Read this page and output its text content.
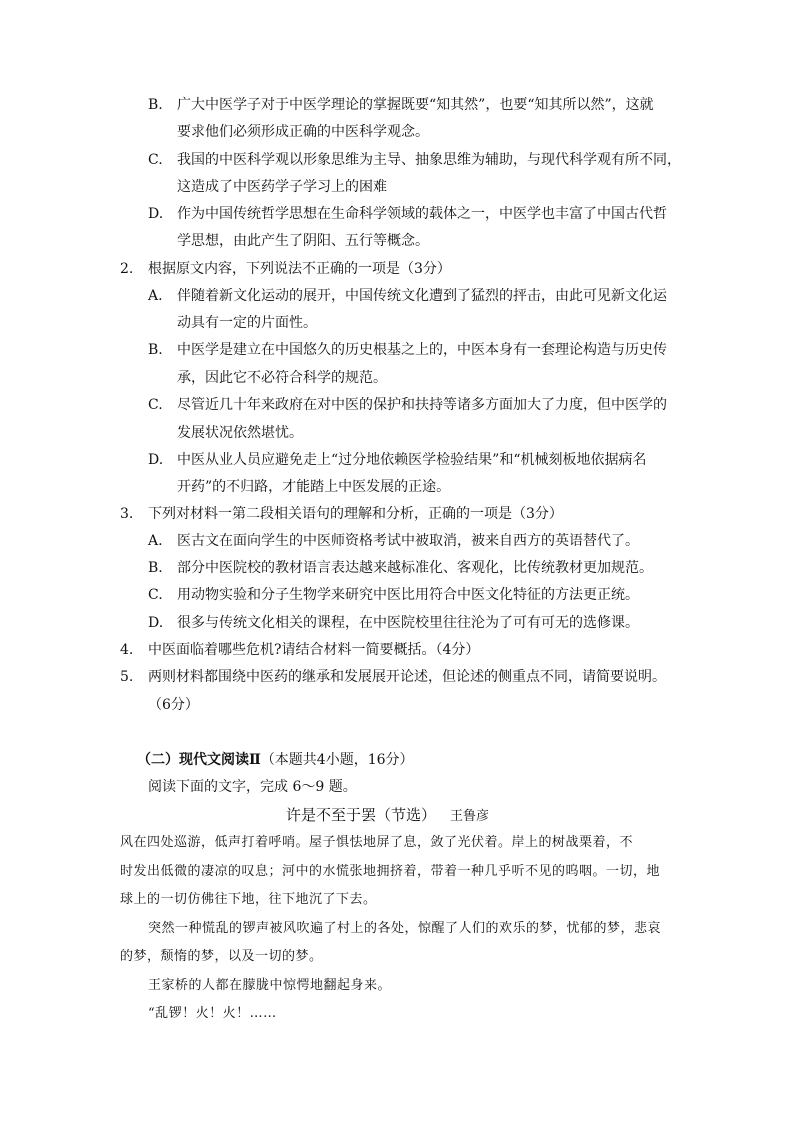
B. 广大中医学子对于中医学理论的掌握既要“知其然”，也要“知其所以然”，这就
要求他们必须形成正确的中医科学观念。
C. 我国的中医科学观以形象思维为主导、抽象思维为辅助，与现代科学观有所不同，
这造成了中医药学子学习上的困难
D. 作为中国传统哲学思想在生命科学领域的载体之一，中医学也丰富了中国古代哲
学思想，由此产生了阴阳、五行等概念。
2. 根据原文内容，下列说法不正确的一项是（3分）
A. 伴随着新文化运动的展开，中国传统文化遭到了猛烈的抨击，由此可见新文化运
动具有一定的片面性。
B. 中医学是建立在中国悠久的历史根基之上的，中医本身有一套理论构造与历史传
承，因此它不必符合科学的规范。
C. 尽管近几十年来政府在对中医的保护和扶持等诸多方面加大了力度，但中医学的
发展状况依然堪忧。
D. 中医从业人员应避免走上“过分地依赖医学检验结果”和“机械刻板地依据病名
开药”的不归路，才能踏上中医发展的正途。
3. 下列对材料一第二段相关语句的理解和分析，正确的一项是（3分）
A. 医古文在面向学生的中医师资格考试中被取消，被来自西方的英语替代了。
B. 部分中医院校的教材语言表达越来越标准化、客观化，比传统教材更加规范。
C. 用动物实验和分子生物学来研究中医比用符合中医文化特征的方法更正统。
D. 很多与传统文化相关的课程，在中医院校里往往沦为了可有可无的选修课。
4. 中医面临着哪些危机?请结合材料一简要概括。（4分）
5. 两则材料都围绕中医药的继承和发展展开论述，但论述的侧重点不同，请简要说明。
（6分）
（二）现代文阅读Ⅱ（本题共4小题，16分）
阅读下面的文字，完成 6～9 题。
许是不至于罢（节选） 王鲁彦
风在四处巡游，低声打着呼哨。屋子惧怯地屏了息，敛了光伏着。岸上的树战栗着，不
时发出低微的凄凉的叹息；河中的水慌张地拥挤着，带着一种几乎听不见的呜咽。一切，地
球上的一切仿佛往下地，往下地沉了下去。
突然一种慌乱的锣声被风吹遍了村上的各处，惊醒了人们的欢乐的梦，忧郁的梦，悲哀
的梦，颓惰的梦，以及一切的梦。
王家桥的人都在朦胧中惊愕地翻起身来。
“乱锣！火！火！……
